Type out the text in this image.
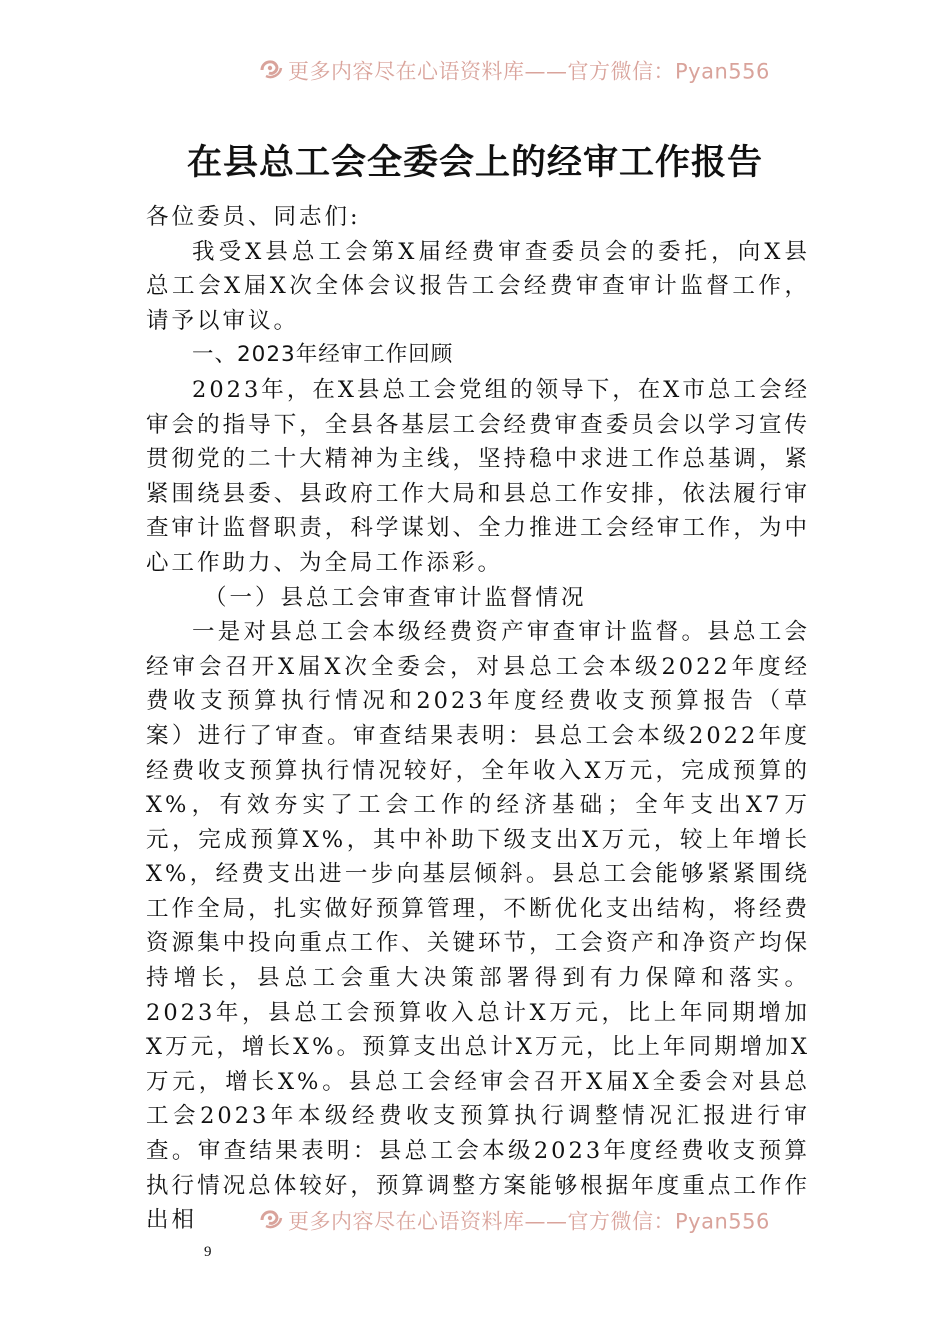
更多内容尽在心语资料库——官方微信：Pyan556
在县总工会全委会上的经审工作报告

各位委员、同志们:

我受X县总工会第X届经费审查委员会的委托，向X县总工会X届X次全体会议报告工会经费审查审计监督工作，请予以审议。

一、2023年经审工作回顾

2023年，在X县总工会党组的领导下，在X市总工会经审会的指导下，全县各基层工会经费审查委员会以学习宣传贯彻党的二十大精神为主线，坚持稳中求进工作总基调，紧紧围绕县委、县政府工作大局和县总工作安排，依法履行审查审计监督职责，科学谋划、全力推进工会经审工作，为中心工作助力、为全局工作添彩。

（一）县总工会审查审计监督情况

一是对县总工会本级经费资产审查审计监督。县总工会经审会召开X届X次全委会，对县总工会本级2022年度经费收支预算执行情况和2023年度经费收支预算报告（草案）进行了审查。审查结果表明：县总工会本级2022年度经费收支预算执行情况较好，全年收入X万元，完成预算的X%，有效夯实了工会工作的经济基础；全年支出X7万元，完成预算X%，其中补助下级支出X万元，较上年增长X%，经费支出进一步向基层倾斜。县总工会能够紧紧围绕工作全局，扎实做好预算管理，不断优化支出结构，将经费资源集中投向重点工作、关键环节，工会资产和净资产均保持增长，县总工会重大决策部署得到有力保障和落实。2023年，县总工会预算收入总计X万元，比上年同期增加X万元，增长X%。预算支出总计X万元，比上年同期增加X万元，增长X%。县总工会经审会召开X届X全委会对县总工会2023年本级经费收支预算执行调整情况汇报进行审查。审查结果表明：县总工会本级2023年度经费收支预算执行情况总体较好，预算调整方案能够根据年度重点工作作出相	更多内容尽在心语资料库——官方微信：Pyan556
9
